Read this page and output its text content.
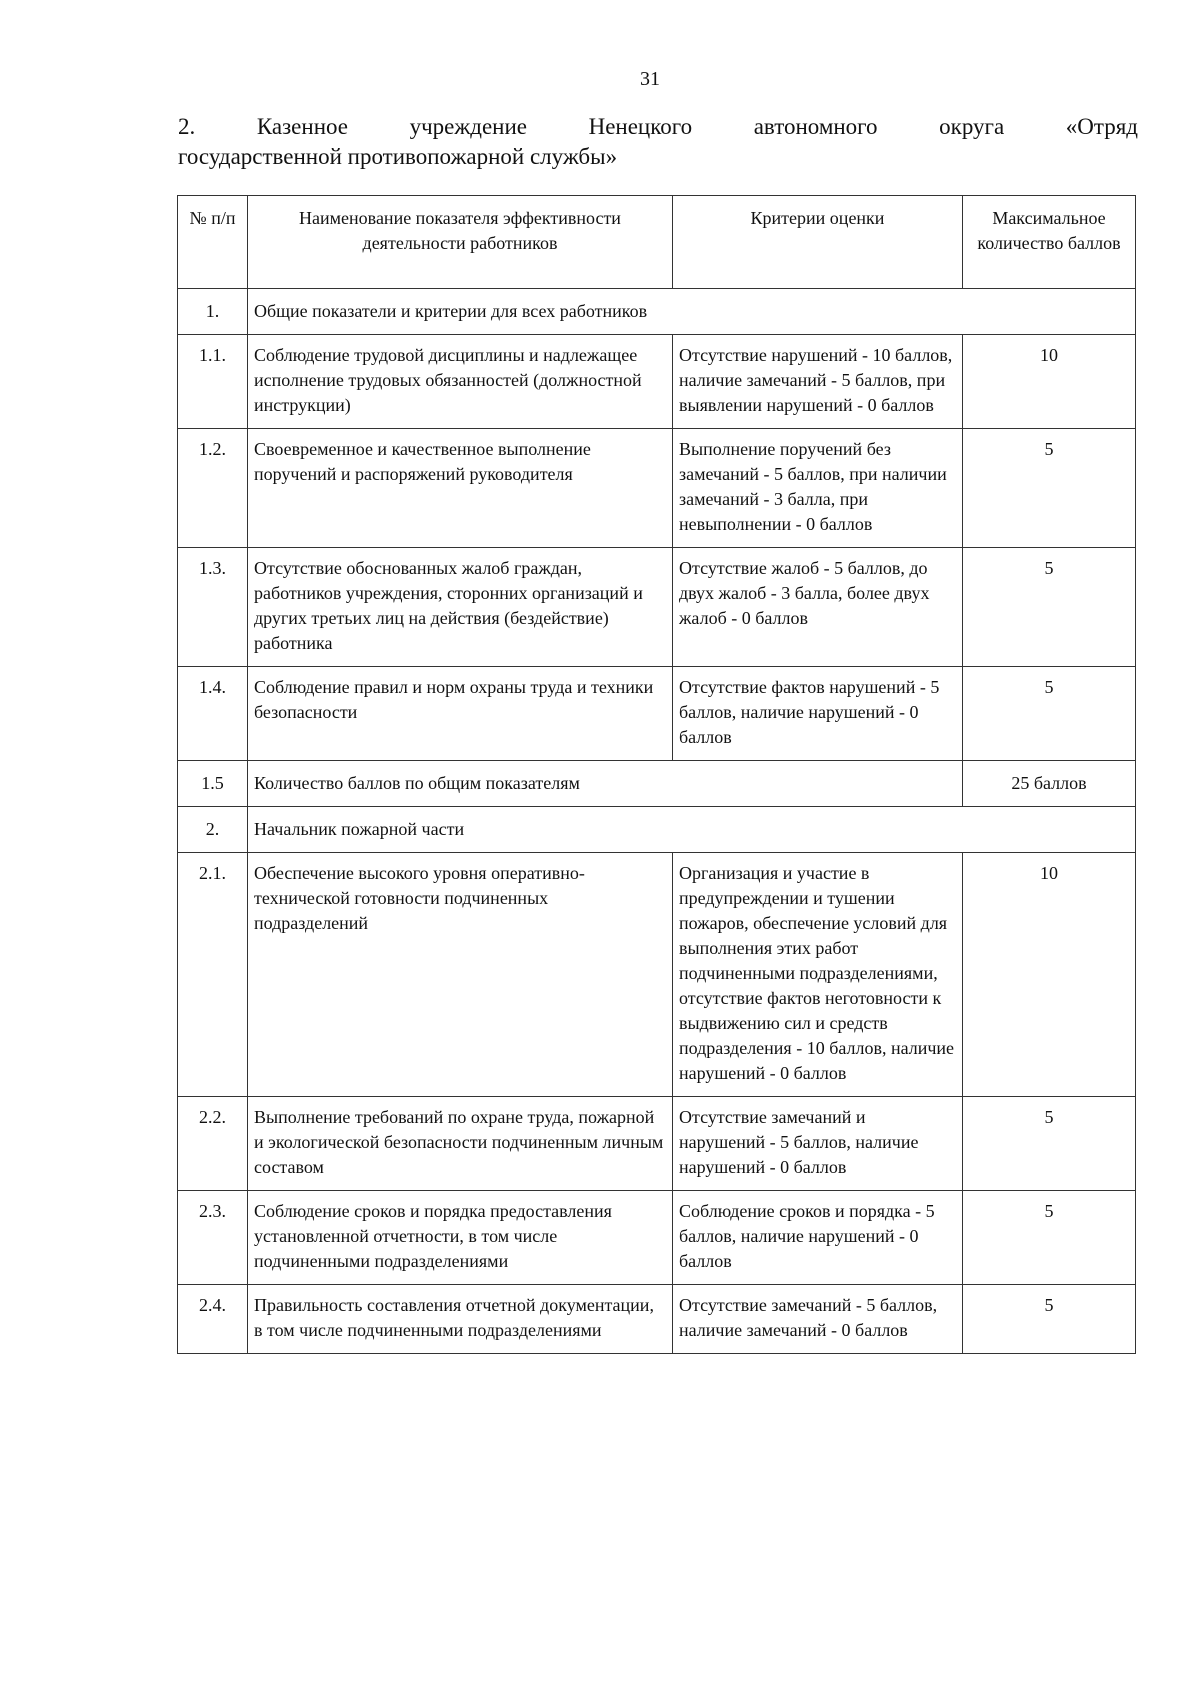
31
2.	Казенное	учреждение	Ненецкого	автономного	округа	«Отряд
государственной противопожарной службы»
№ п/п	Наименование показателя эффективности деятельности работников	Критерии оценки	Максимальное количество баллов
1.	Общие показатели и критерии для всех работников		
1.1.	Соблюдение трудовой дисциплины и надлежащее исполнение трудовых обязанностей (должностной инструкции)	Отсутствие нарушений - 10 баллов, наличие замечаний - 5 баллов, при выявлении нарушений - 0 баллов	10
1.2.	Своевременное и качественное выполнение поручений и распоряжений руководителя	Выполнение поручений без замечаний - 5 баллов, при наличии замечаний - 3 балла, при невыполнении - 0 баллов	5
1.3.	Отсутствие обоснованных жалоб граждан, работников учреждения, сторонних организаций и других третьих лиц на действия (бездействие) работника	Отсутствие жалоб - 5 баллов, до двух жалоб - 3 балла, более двух жалоб - 0 баллов	5
1.4.	Соблюдение правил и норм охраны труда и техники безопасности	Отсутствие фактов нарушений - 5 баллов, наличие нарушений - 0 баллов	5
1.5	Количество баллов по общим показателям		25 баллов
2.	Начальник пожарной части		
2.1.	Обеспечение высокого уровня оперативно-технической готовности подчиненных подразделений	Организация и участие в предупреждении и тушении пожаров, обеспечение условий для выполнения этих работ подчиненными подразделениями, отсутствие фактов неготовности к выдвижению сил и средств подразделения - 10 баллов, наличие нарушений - 0 баллов	10
2.2.	Выполнение требований по охране труда, пожарной и экологической безопасности подчиненным личным составом	Отсутствие замечаний и нарушений - 5 баллов, наличие нарушений - 0 баллов	5
2.3.	Соблюдение сроков и порядка предоставления установленной отчетности, в том числе подчиненными подразделениями	Соблюдение сроков и порядка - 5 баллов, наличие нарушений - 0 баллов	5
2.4.	Правильность составления отчетной документации, в том числе подчиненными подразделениями	Отсутствие замечаний - 5 баллов, наличие замечаний - 0 баллов	5
